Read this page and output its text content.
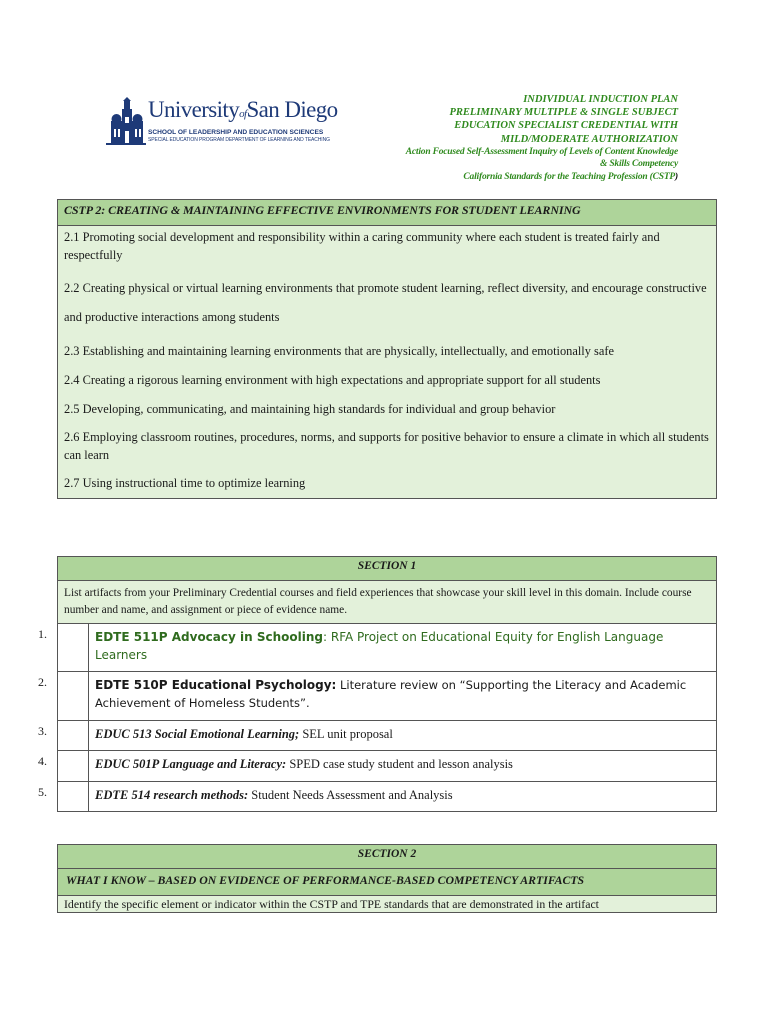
UniversityofSan Diego
SCHOOL OF LEADERSHIP AND EDUCATION SCIENCES
SPECIAL EDUCATION PROGRAM DEPARTMENT OF LEARNING AND TEACHING
INDIVIDUAL INDUCTION PLAN
PRELIMINARY MULTIPLE & SINGLE SUBJECT
EDUCATION SPECIALIST CREDENTIAL WITH
MILD/MODERATE AUTHORIZATION
Action Focused Self-Assessment Inquiry of Levels of Content Knowledge
& Skills Competency
California Standards for the Teaching Profession (CSTP)
CSTP 2: CREATING & MAINTAINING EFFECTIVE ENVIRONMENTS FOR STUDENT LEARNING

2.1 Promoting social development and responsibility within a caring community where each student is treated fairly and respectfully

2.2 Creating physical or virtual learning environments that promote student learning, reflect diversity, and encourage constructive and productive interactions among students

2.3 Establishing and maintaining learning environments that are physically, intellectually, and emotionally safe

2.4 Creating a rigorous learning environment with high expectations and appropriate support for all students

2.5 Developing, communicating, and maintaining high standards for individual and group behavior

2.6 Employing classroom routines, procedures, norms, and supports for positive behavior to ensure a climate in which all students can learn

2.7 Using instructional time to optimize learning

SECTION 1	
List artifacts from your Preliminary Credential courses and field experiences that showcase your skill level in this domain. Include course number and name, and assignment or piece of evidence name.	

1.	EDTE 511P Advocacy in Schooling: RFA Project on Educational Equity for English Language Learners

2.	EDTE 510P Educational Psychology: Literature review on “Supporting the Literacy and Academic Achievement of Homeless Students”.

3.	EDUC 513 Social Emotional Learning; SEL unit proposal

4.	EDUC 501P Language and Literacy: SPED case study student and lesson analysis

5.	EDTE 514 research methods: Student Needs Assessment and Analysis
SECTION 2
WHAT I KNOW – BASED ON EVIDENCE OF PERFORMANCE-BASED COMPETENCY ARTIFACTS
Identify the specific element or indicator within the CSTP and TPE standards that are demonstrated in the artifact
